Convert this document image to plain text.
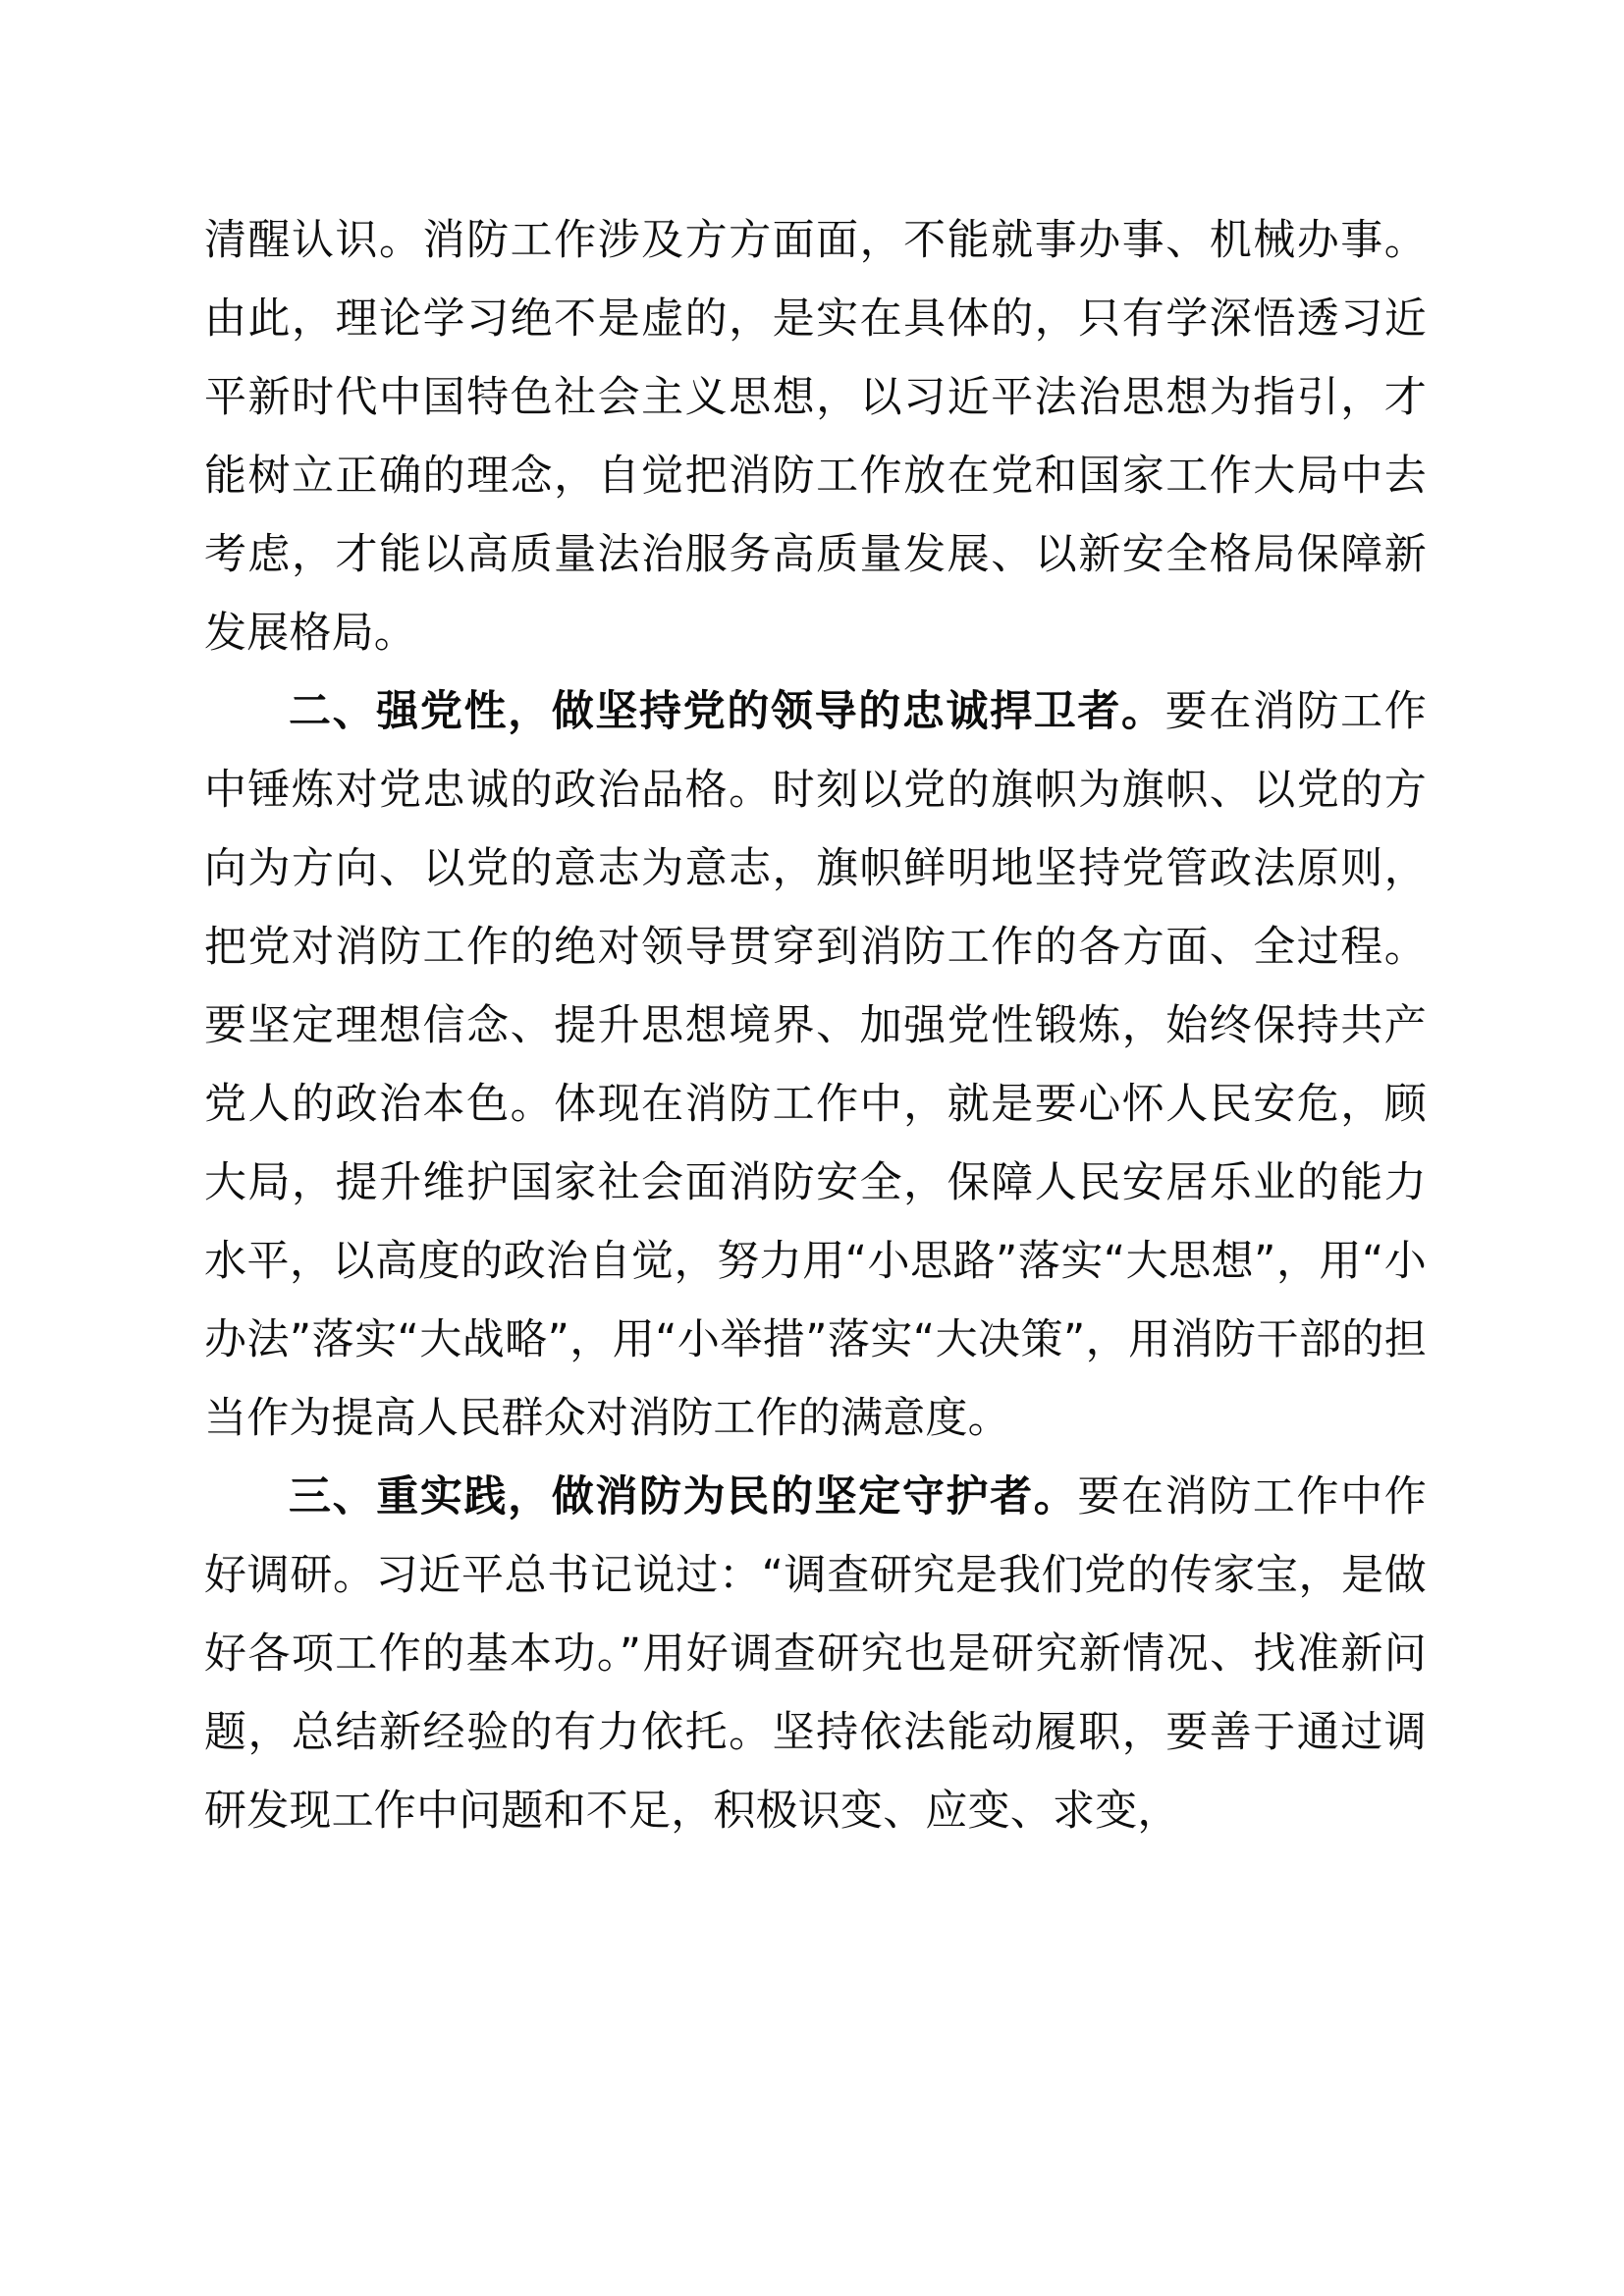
清醒认识。消防工作涉及方方面面，不能就事办事、机械办事。由此，理论学习绝不是虚的，是实在具体的，只有学深悟透习近平新时代中国特色社会主义思想，以习近平法治思想为指引，才能树立正确的理念，自觉把消防工作放在党和国家工作大局中去考虑，才能以高质量法治服务高质量发展、以新安全格局保障新发展格局。

二、强党性，做坚持党的领导的忠诚捍卫者。要在消防工作中锤炼对党忠诚的政治品格。时刻以党的旗帜为旗帜、以党的方向为方向、以党的意志为意志，旗帜鲜明地坚持党管政法原则，把党对消防工作的绝对领导贯穿到消防工作的各方面、全过程。要坚定理想信念、提升思想境界、加强党性锻炼，始终保持共产党人的政治本色。体现在消防工作中，就是要心怀人民安危，顾大局，提升维护国家社会面消防安全，保障人民安居乐业的能力水平，以高度的政治自觉，努力用“小思路”落实“大思想”，用“小办法”落实“大战略”，用“小举措”落实“大决策”，用消防干部的担当作为提高人民群众对消防工作的满意度。

三、重实践，做消防为民的坚定守护者。要在消防工作中作好调研。习近平总书记说过：“调查研究是我们党的传家宝，是做好各项工作的基本功。”用好调查研究也是研究新情况、找准新问题，总结新经验的有力依托。坚持依法能动履职，要善于通过调研发现工作中问题和不足，积极识变、应变、求变，
